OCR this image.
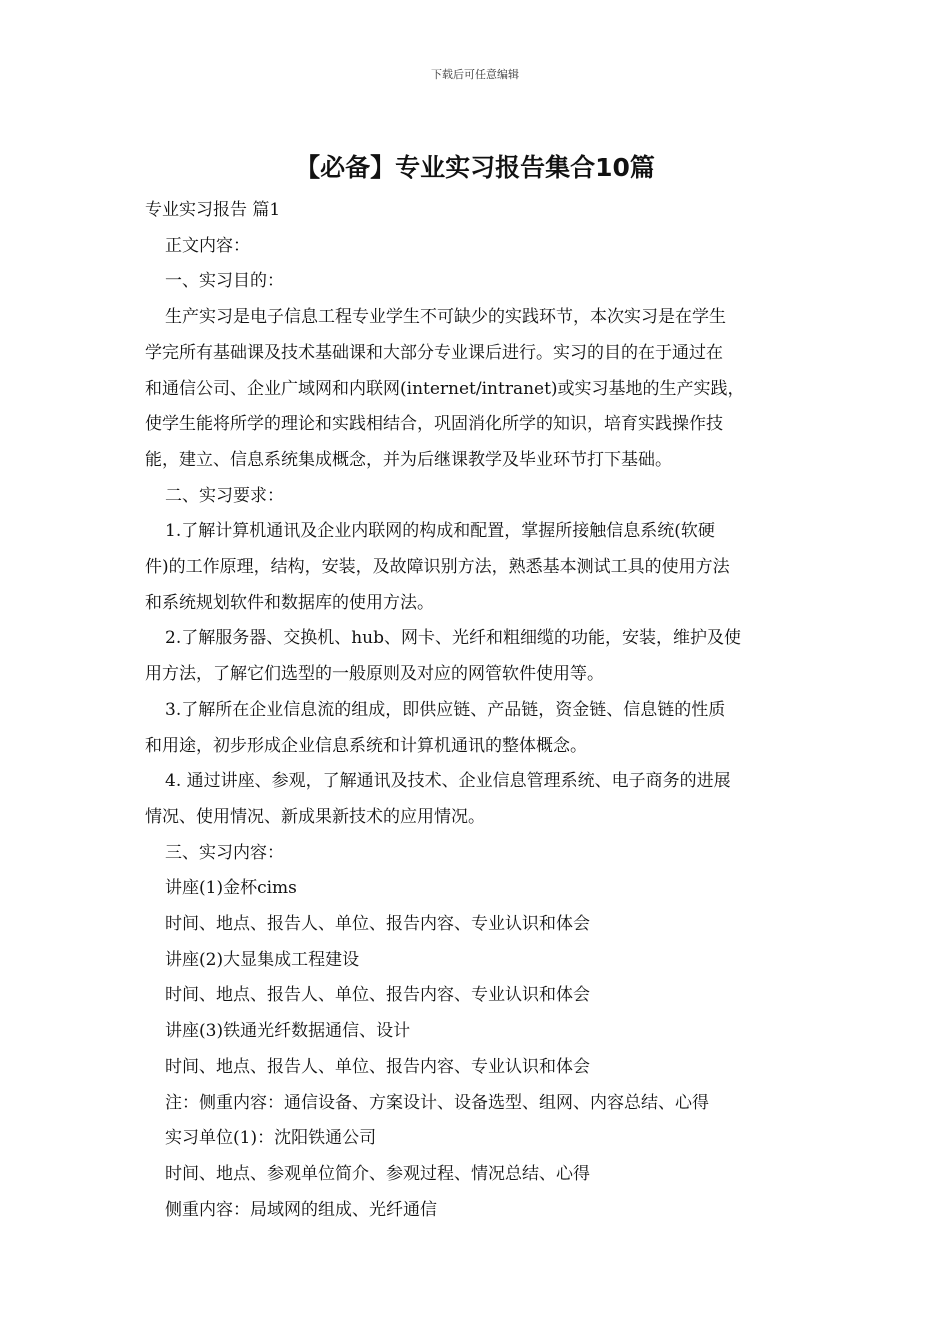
下载后可任意编辑
【必备】专业实习报告集合10篇
专业实习报告 篇1
正文内容：
一、实习目的：
生产实习是电子信息工程专业学生不可缺少的实践环节，本次实习是在学生
学完所有基础课及技术基础课和大部分专业课后进行。实习的目的在于通过在
和通信公司、企业广域网和内联网(internet/intranet)或实习基地的生产实践，
使学生能将所学的理论和实践相结合，巩固消化所学的知识，培育实践操作技
能，建立、信息系统集成概念，并为后继课教学及毕业环节打下基础。
二、实习要求：
1.了解计算机通讯及企业内联网的构成和配置，掌握所接触信息系统(软硬
件)的工作原理，结构，安装，及故障识别方法，熟悉基本测试工具的使用方法
和系统规划软件和数据库的使用方法。
2.了解服务器、交换机、hub、网卡、光纤和粗细缆的功能，安装，维护及使
用方法，了解它们选型的一般原则及对应的网管软件使用等。
3.了解所在企业信息流的组成，即供应链、产品链，资金链、信息链的性质
和用途，初步形成企业信息系统和计算机通讯的整体概念。
4. 通过讲座、参观，了解通讯及技术、企业信息管理系统、电子商务的进展
情况、使用情况、新成果新技术的应用情况。
三、实习内容：
讲座(1)金杯cims
时间、地点、报告人、单位、报告内容、专业认识和体会
讲座(2)大显集成工程建设
时间、地点、报告人、单位、报告内容、专业认识和体会
讲座(3)铁通光纤数据通信、设计
时间、地点、报告人、单位、报告内容、专业认识和体会
注：侧重内容：通信设备、方案设计、设备选型、组网、内容总结、心得
实习单位(1)：沈阳铁通公司
时间、地点、参观单位简介、参观过程、情况总结、心得
侧重内容：局域网的组成、光纤通信
